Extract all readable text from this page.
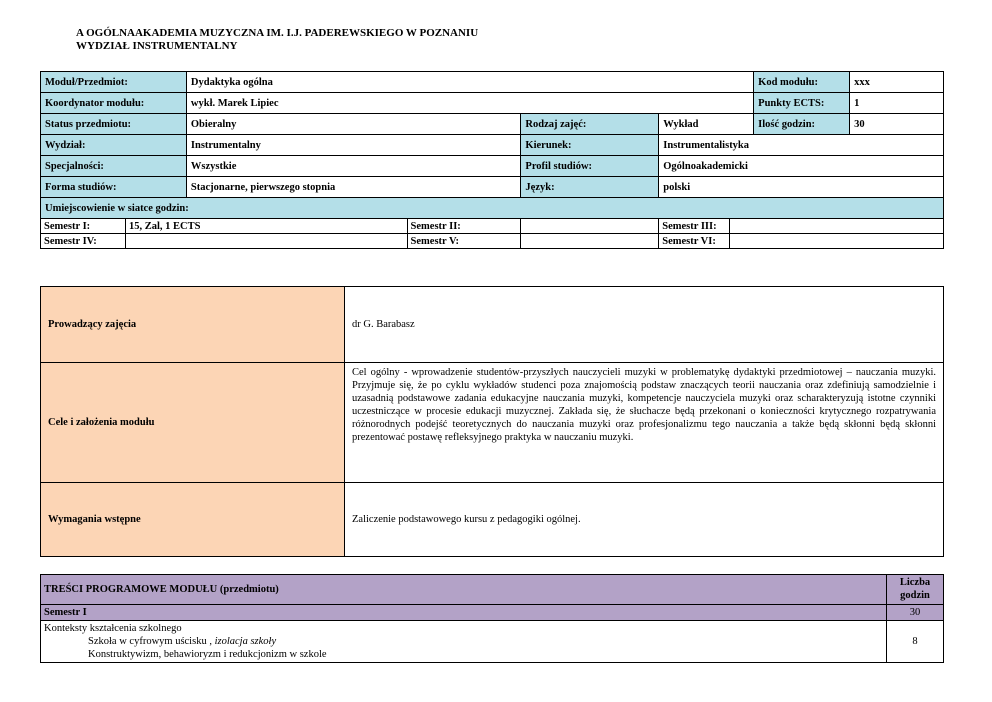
A OGÓLNAAKADEMIA MUZYCZNA IM. I.J. PADEREWSKIEGO W POZNANIU
WYDZIAŁ INSTRUMENTALNY
Moduł/Przedmiot:		Dydaktyka ogólna					Kod modułu:	xxx
Koordynator modułu:		wykł. Marek Lipiec					Punkty ECTS:	1
Status przedmiotu:		Obieralny		Rodzaj zajęć:	Wykład		Ilość godzin:	30
Wydział:		Instrumentalny		Kierunek:	Instrumentalistyka			
Specjalności:		Wszystkie		Profil studiów:	Ogólnoakademicki			
Forma studiów:		Stacjonarne, pierwszego stopnia		Język:	polski			
Umiejscowienie w siatce godzin:								
Semestr I:	15, Zal, 1 ECTS		Semestr II:		Semestr III:			
Semestr IV:			Semestr V:		Semestr VI:			
Prowadzący zajęcia	dr G. Barabasz
Cele i założenia modułu	Cel ogólny - wprowadzenie studentów-przyszłych nauczycieli muzyki w problematykę dydaktyki przedmiotowej – nauczania muzyki. Przyjmuje się, że po cyklu wykładów studenci poza znajomością podstaw znaczących teorii nauczania oraz zdefiniują samodzielnie i uzasadnią podstawowe zadania edukacyjne nauczania muzyki, kompetencje nauczyciela muzyki oraz scharakteryzują istotne czynniki uczestniczące w procesie edukacji muzycznej. Zakłada się, że słuchacze będą przekonani o konieczności krytycznego rozpatrywania różnorodnych podejść teoretycznych do nauczania muzyki oraz profesjonalizmu tego nauczania a także będą skłonni będą skłonni prezentować postawę refleksyjnego praktyka w nauczaniu muzyki.
Wymagania wstępne	Zaliczenie podstawowego kursu z pedagogiki ogólnej.
TREŚCI PROGRAMOWE MODUŁU (przedmiotu)	Liczba
godzin

Semestr I	30

Konteksty kształcenia szkolnego
Szkoła w cyfrowym uścisku , izolacja szkoły
Konstruktywizm, behawioryzm i redukcjonizm w szkole	8
